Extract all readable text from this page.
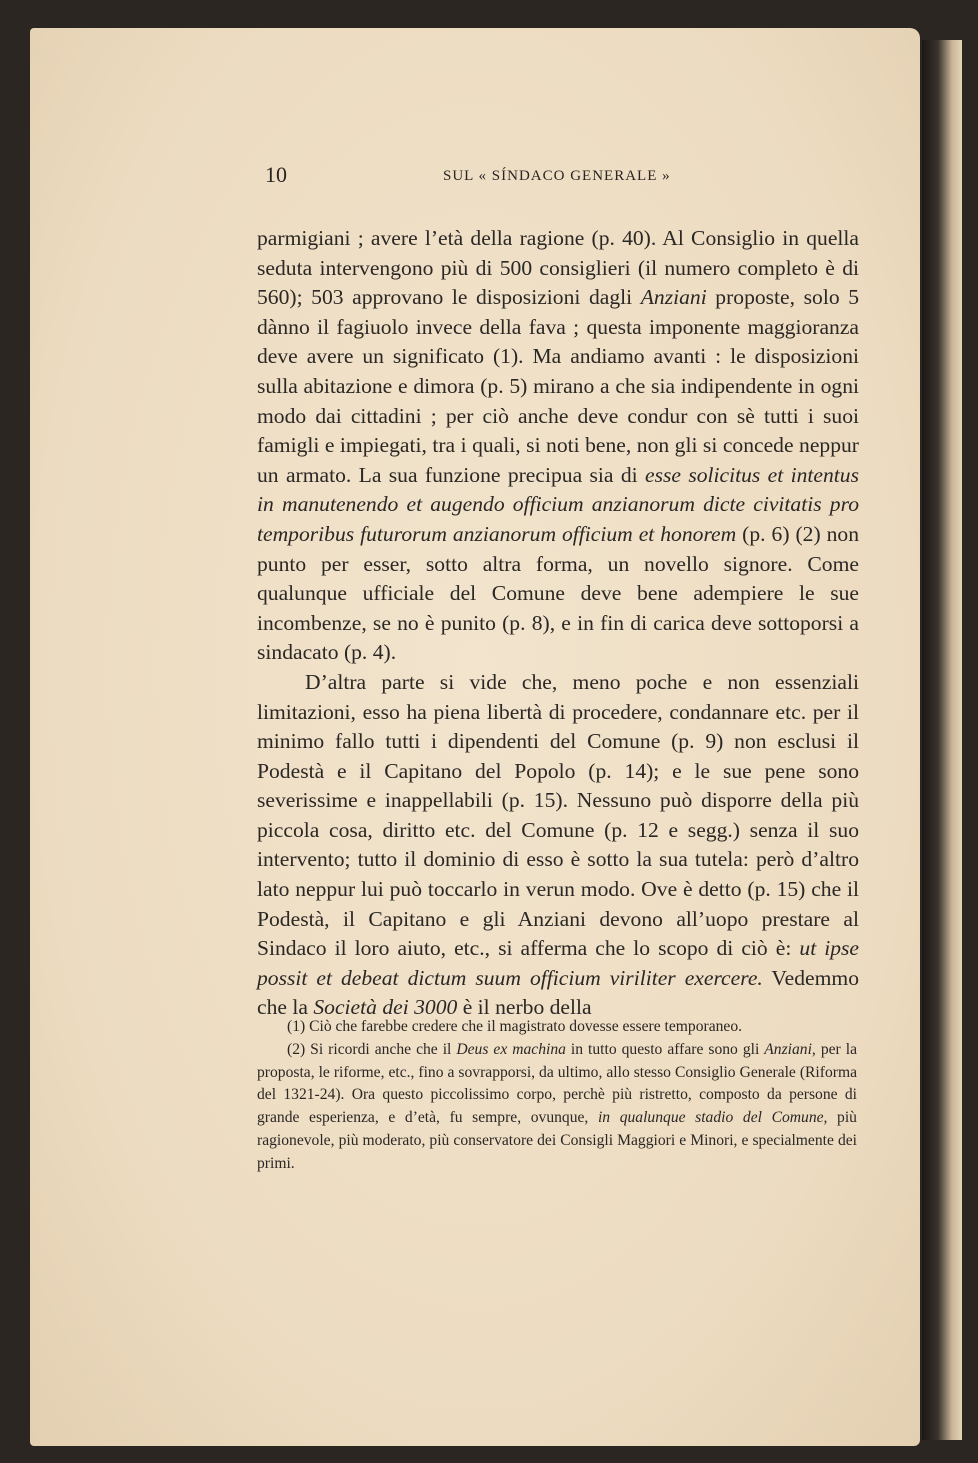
10	SUL « SÍNDACO GENERALE »

parmigiani ; avere l’età della ragione (p. 40). Al Consiglio in quella seduta intervengono più di 500 consiglieri (il numero completo è di 560); 503 approvano le disposizioni dagli Anziani proposte, solo 5 dànno il fagiuolo invece della fava ; questa imponente maggioranza deve avere un significato (1). Ma andiamo avanti : le disposizioni sulla abitazione e dimora (p. 5) mirano a che sia indipendente in ogni modo dai cittadini ; per ciò anche deve condur con sè tutti i suoi famigli e impiegati, tra i quali, si noti bene, non gli si concede neppur un armato. La sua funzione precipua sia di esse solicitus et intentus in manutenendo et augendo officium anzianorum dicte civitatis pro temporibus futurorum anzianorum officium et honorem (p. 6) (2) non punto per esser, sotto altra forma, un novello signore. Come qualunque ufficiale del Comune deve bene adempiere le sue incombenze, se no è punito (p. 8), e in fin di carica deve sottoporsi a sindacato (p. 4).

D’altra parte si vide che, meno poche e non essenziali limitazioni, esso ha piena libertà di procedere, condannare etc. per il minimo fallo tutti i dipendenti del Comune (p. 9) non esclusi il Podestà e il Capitano del Popolo (p. 14); e le sue pene sono severissime e inappellabili (p. 15). Nessuno può disporre della più piccola cosa, diritto etc. del Comune (p. 12 e segg.) senza il suo intervento; tutto il dominio di esso è sotto la sua tutela: però d’altro lato neppur lui può toccarlo in verun modo. Ove è detto (p. 15) che il Podestà, il Capitano e gli Anziani devono all’uopo prestare al Sindaco il loro aiuto, etc., si afferma che lo scopo di ciò è: ut ipse possit et debeat dictum suum officium viriliter exercere. Vedemmo che la Società dei 3000 è il nerbo della

(1) Ciò che farebbe credere che il magistrato dovesse essere temporaneo.

(2) Si ricordi anche che il Deus ex machina in tutto questo affare sono gli Anziani, per la proposta, le riforme, etc., fino a sovrapporsi, da ultimo, allo stesso Consiglio Generale (Riforma del 1321-24). Ora questo piccolissimo corpo, perchè più ristretto, composto da persone di grande esperienza, e d’età, fu sempre, ovunque, in qualunque stadio del Comune, più ragionevole, più moderato, più conservatore dei Consigli Maggiori e Minori, e specialmente dei primi.
